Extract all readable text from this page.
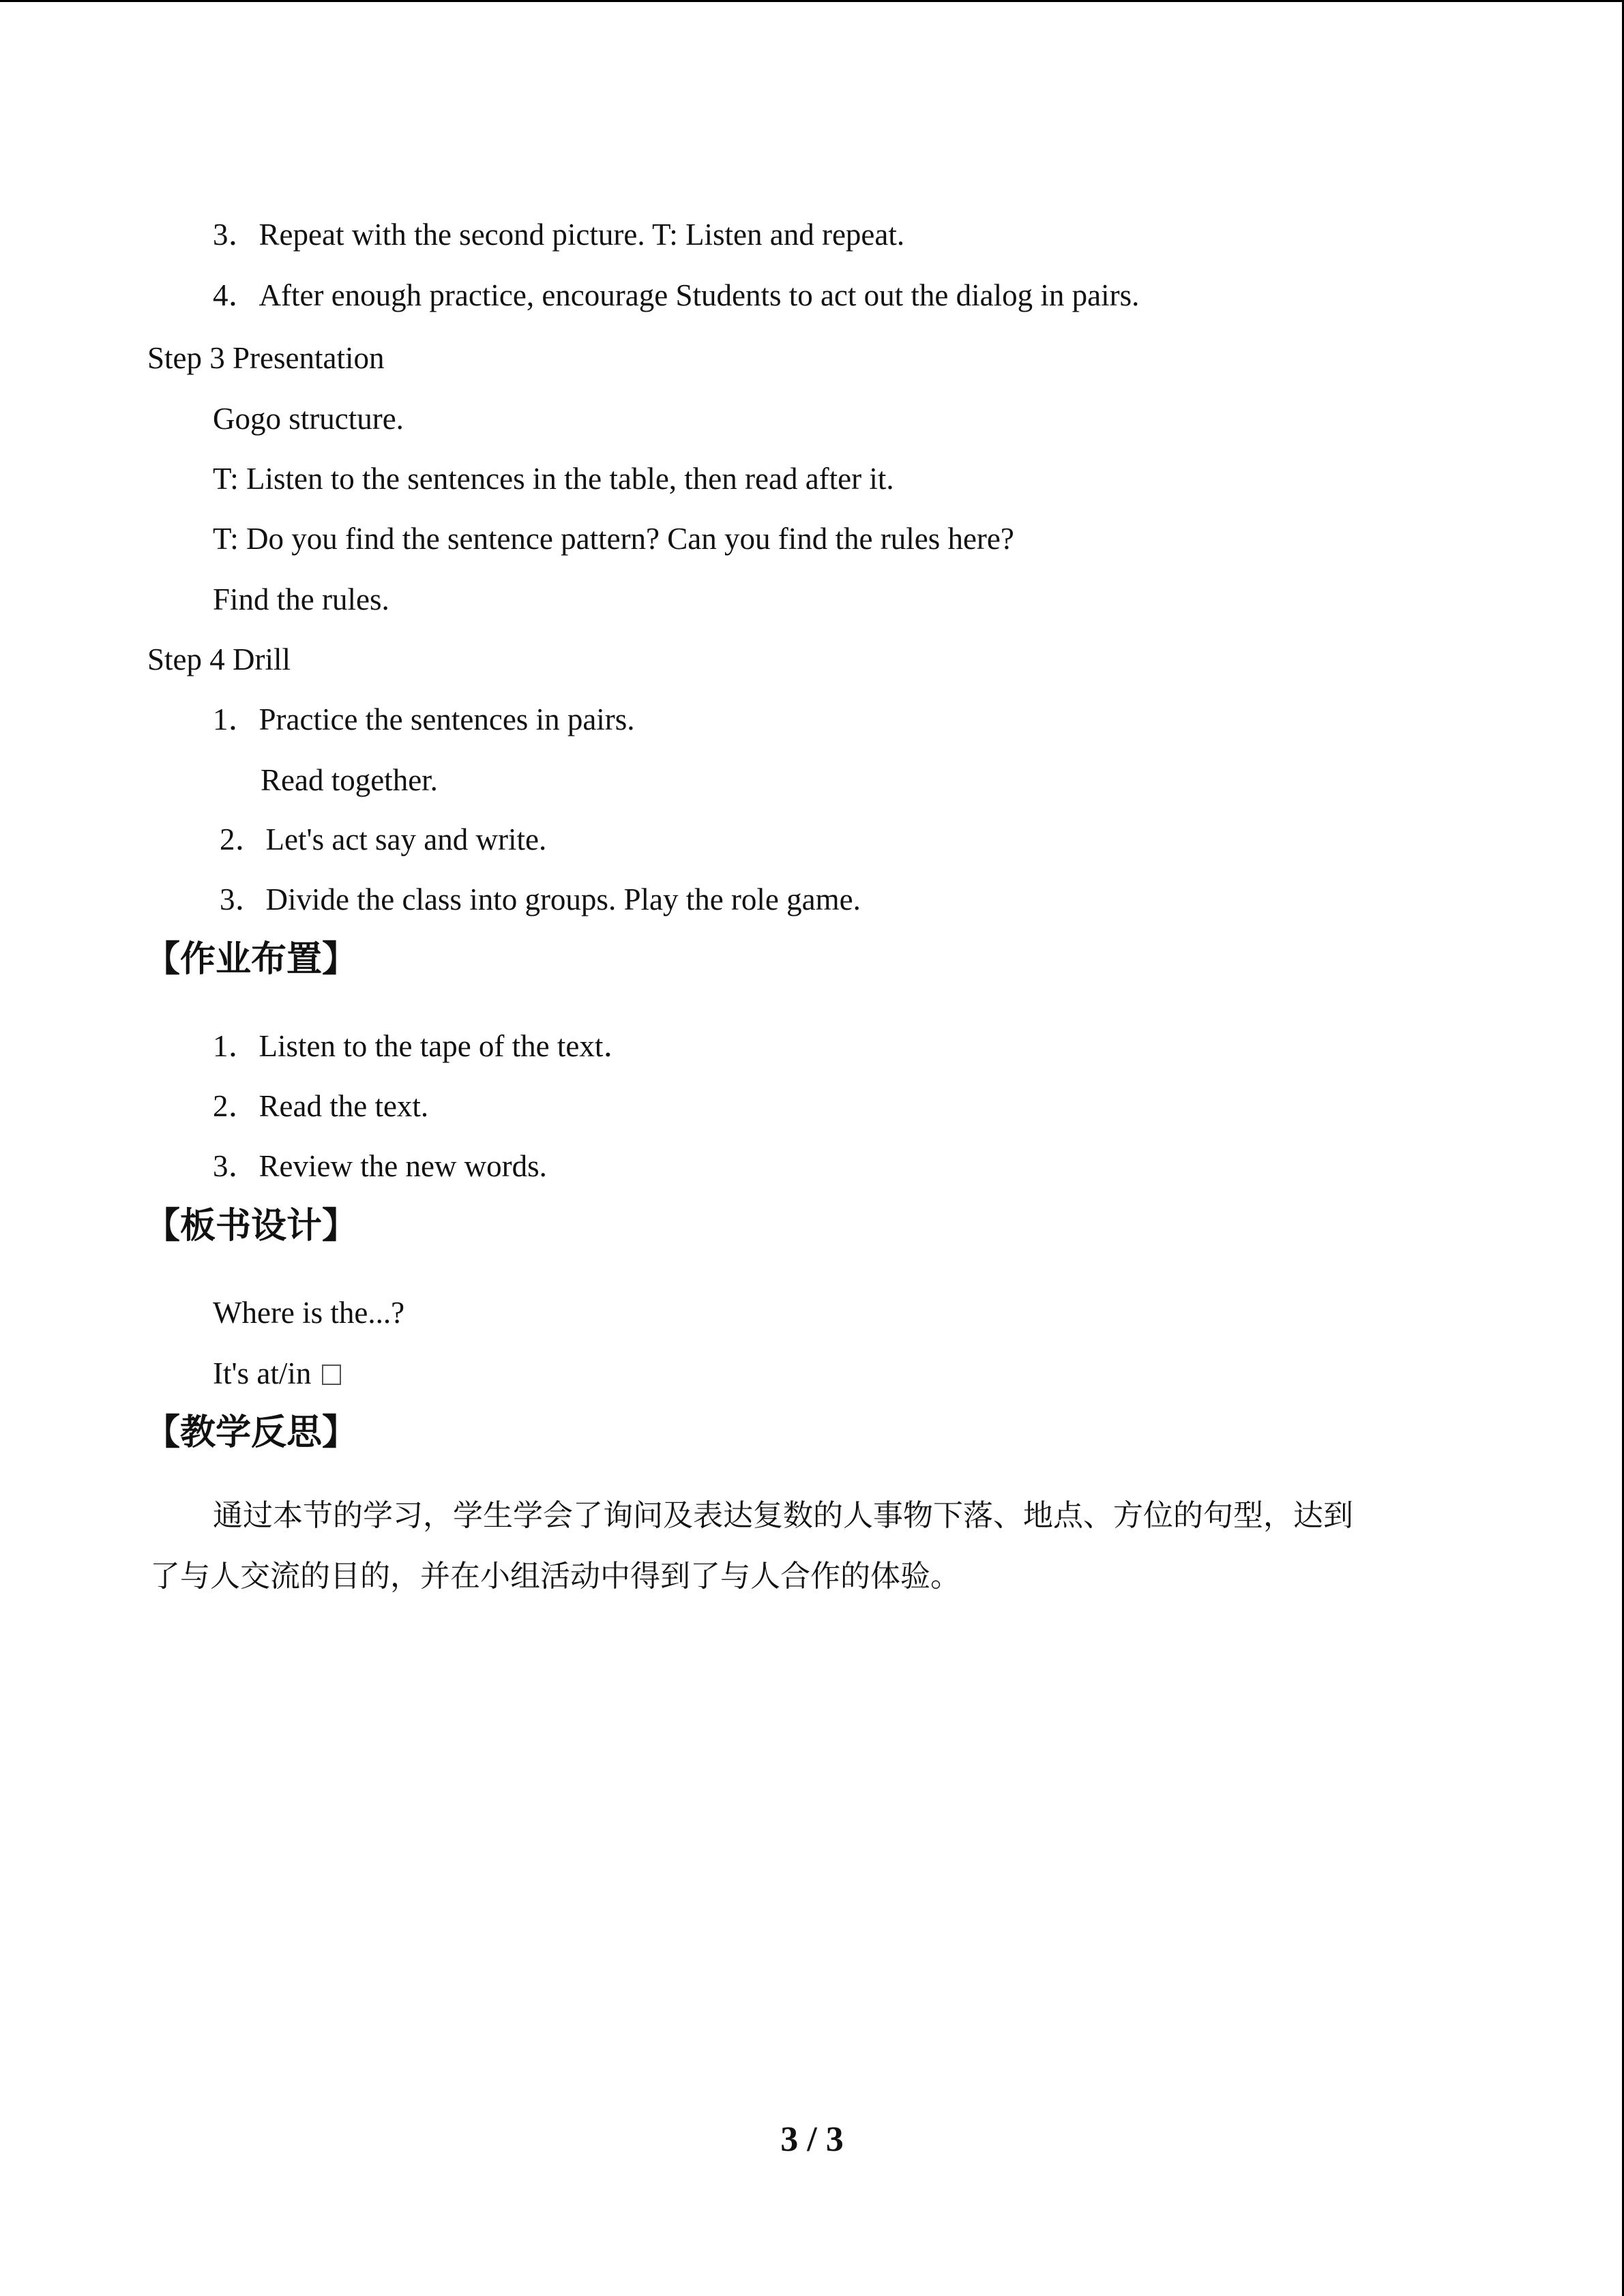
3．Repeat with the second picture. T: Listen and repeat.
4．After enough practice, encourage Students to act out the dialog in pairs.
Step 3 Presentation
Gogo structure.
T: Listen to the sentences in the table, then read after it.
T: Do you find the sentence pattern? Can you find the rules here?
Find the rules.
Step 4 Drill
1．Practice the sentences in pairs.
Read together.
2．Let's act say and write.
3．Divide the class into groups. Play the role game.
【作业布置】
1．Listen to the tape of the text．
2．Read the text.
3．Review the new words.
【板书设计】
Where is the...?
It's at/in
【教学反思】
通过本节的学习，学生学会了询问及表达复数的人事物下落、地点、方位的句型，达到
了与人交流的目的，并在小组活动中得到了与人合作的体验。
3 / 3
